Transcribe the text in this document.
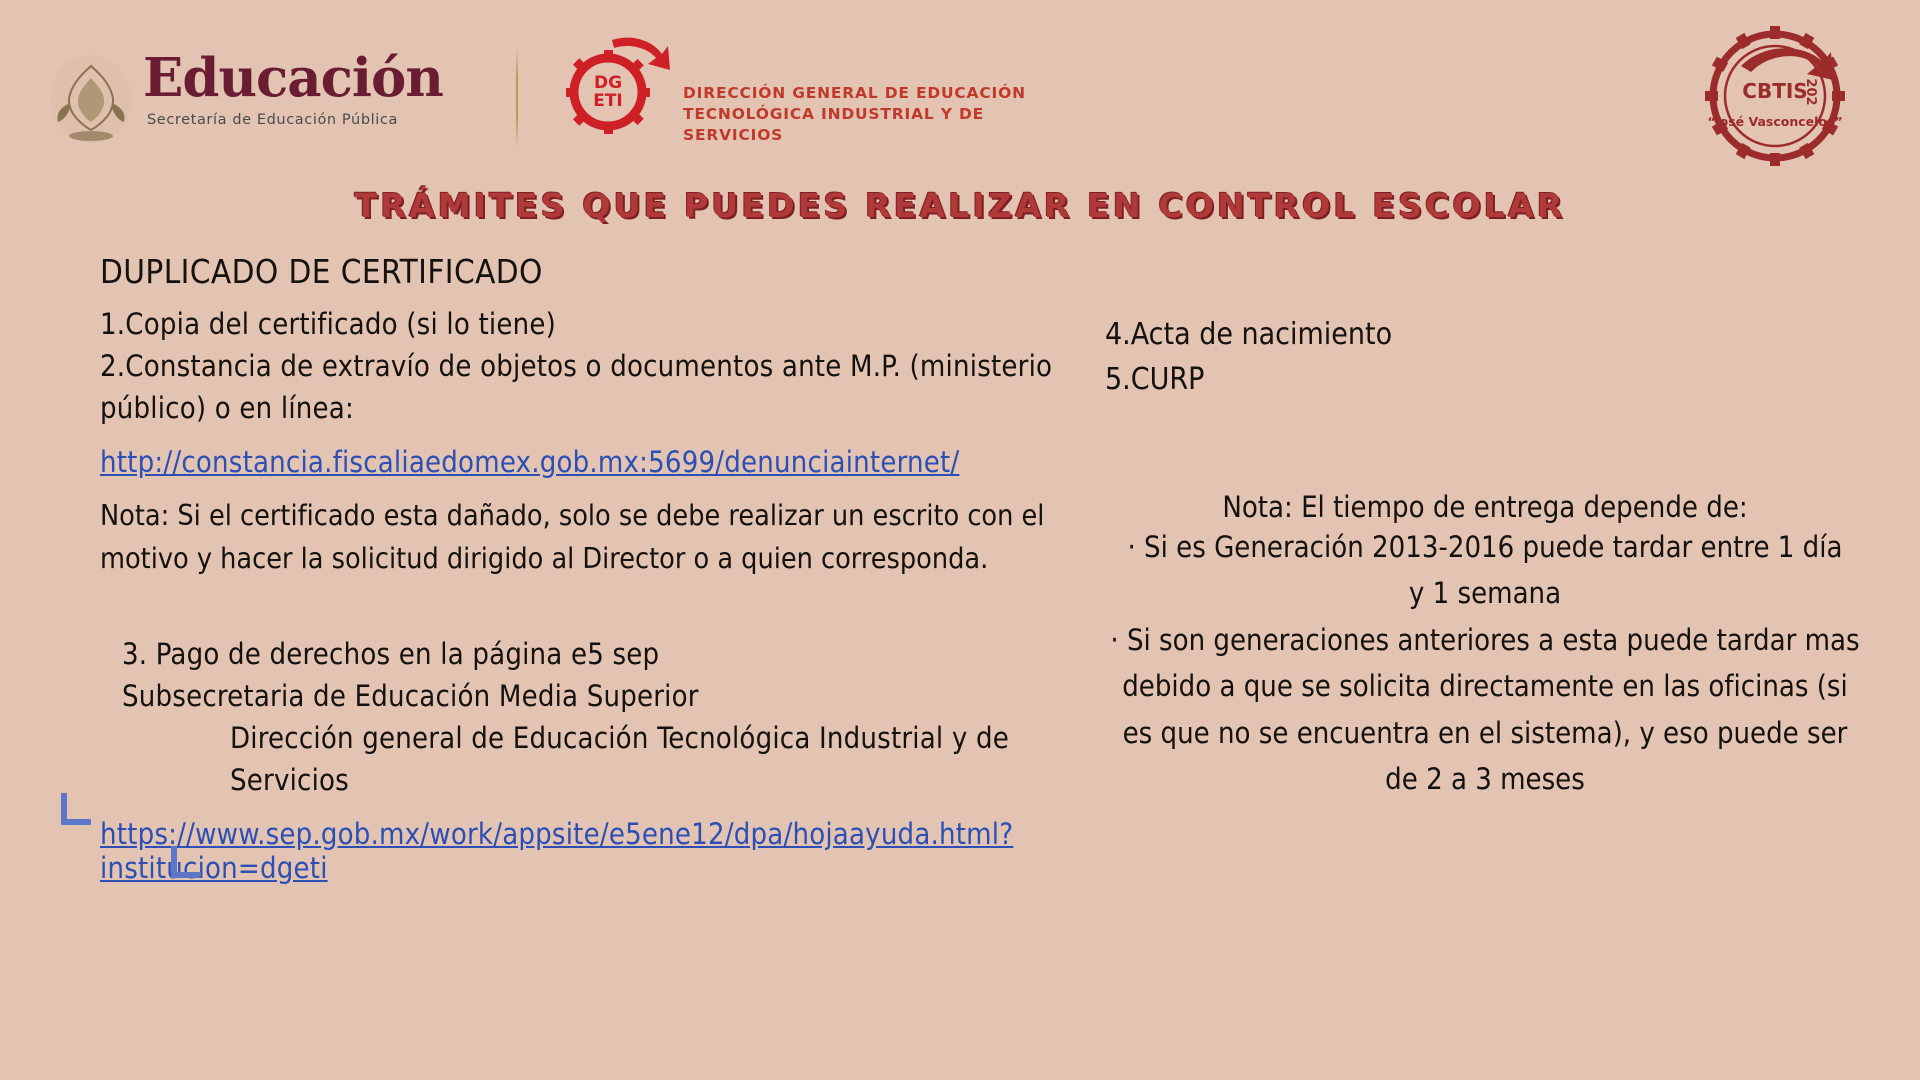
Educación
Secretaría de Educación Pública
DG
ETI	DIRECCIÓN GENERAL DE EDUCACIÓN
TECNOLÓGICA INDUSTRIAL Y DE SERVICIOS
CBTIS
202
“José Vasconcelos”
TRÁMITES QUE PUEDES REALIZAR EN CONTROL ESCOLAR
DUPLICADO DE CERTIFICADO
1.Copia del certificado (si lo tiene)
2.Constancia de extravío de objetos o documentos ante M.P. (ministerio
público) o en línea:
http://constancia.fiscaliaedomex.gob.mx:5699/denunciainternet/
Nota: Si el certificado esta dañado, solo se debe realizar un escrito con el
motivo y hacer la solicitud dirigido al Director o a quien corresponda.
3. Pago de derechos en la página e5 sep
Subsecretaria de Educación Media Superior
Dirección general de Educación Tecnológica Industrial y de Servicios
https://www.sep.gob.mx/work/appsite/e5ene12/dpa/hojaayuda.html?
institucion=dgeti
4.Acta de nacimiento
5.CURP
Nota: El tiempo de entrega depende de:
· Si es Generación 2013-2016 puede tardar entre 1 día
y 1 semana
· Si son generaciones anteriores a esta puede tardar mas
debido a que se solicita directamente en las oficinas (si
es que no se encuentra en el sistema), y eso puede ser
de 2 a 3 meses
